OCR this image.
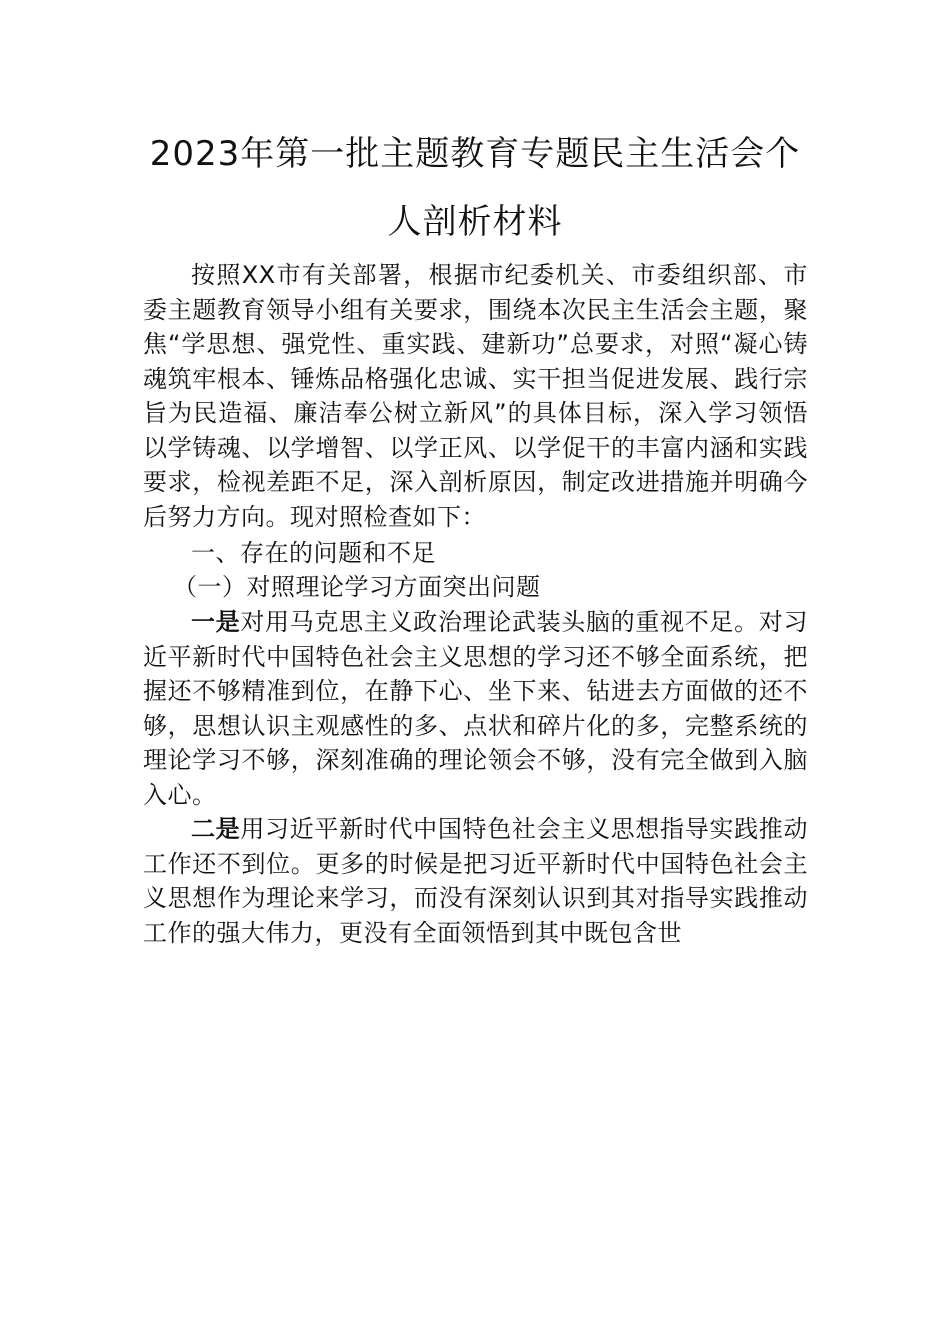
2023年第一批主题教育专题民主生活会个
人剖析材料

按照XX市有关部署，根据市纪委机关、市委组织部、市委主题教育领导小组有关要求，围绕本次民主生活会主题，聚焦“学思想、强党性、重实践、建新功”总要求，对照“凝心铸魂筑牢根本、锤炼品格强化忠诚、实干担当促进发展、践行宗旨为民造福、廉洁奉公树立新风”的具体目标，深入学习领悟以学铸魂、以学增智、以学正风、以学促干的丰富内涵和实践要求，检视差距不足，深入剖析原因，制定改进措施并明确今后努力方向。现对照检查如下：

一、存在的问题和不足

（一）对照理论学习方面突出问题

一是对用马克思主义政治理论武装头脑的重视不足。对习近平新时代中国特色社会主义思想的学习还不够全面系统，把握还不够精准到位，在静下心、坐下来、钻进去方面做的还不够，思想认识主观感性的多、点状和碎片化的多，完整系统的理论学习不够，深刻准确的理论领会不够，没有完全做到入脑入心。

二是用习近平新时代中国特色社会主义思想指导实践推动工作还不到位。更多的时候是把习近平新时代中国特色社会主义思想作为理论来学习，而没有深刻认识到其对指导实践推动工作的强大伟力，更没有全面领悟到其中既包含世
